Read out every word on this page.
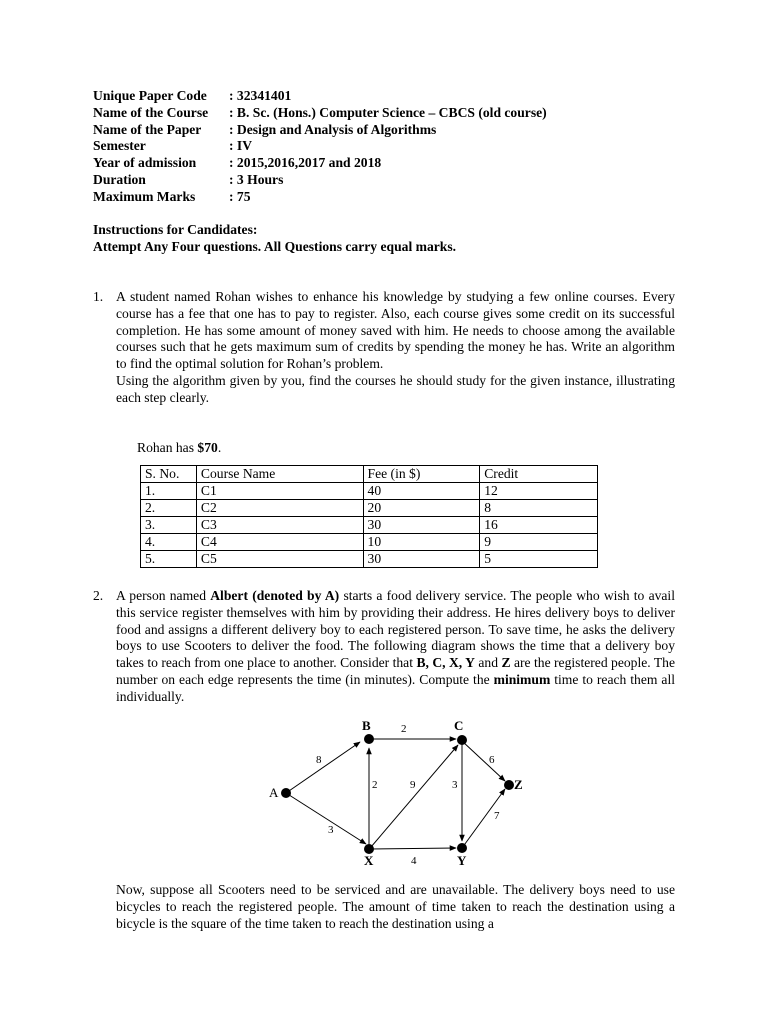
Unique Paper Code	: 32341401
Name of the Course	: B. Sc. (Hons.) Computer Science – CBCS (old course)
Name of the Paper	: Design and Analysis of Algorithms
Semester	: IV
Year of admission	: 2015,2016,2017 and 2018
Duration	: 3 Hours
Maximum Marks	: 75
Instructions for Candidates:
Attempt Any Four questions. All Questions carry equal marks.
1. A student named Rohan wishes to enhance his knowledge by studying a few online courses. Every course has a fee that one has to pay to register. Also, each course gives some credit on its successful completion. He has some amount of money saved with him. He needs to choose among the available courses such that he gets maximum sum of credits by spending the money he has. Write an algorithm to find the optimal solution for Rohan’s problem.

Using the algorithm given by you, find the courses he should study for the given instance, illustrating each step clearly.

Rohan has $70.
S. No.	Course Name	Fee (in $)	Credit
1.	C1	40	12
2.	C2	20	8
3.	C3	30	16
4.	C4	10	9
5.	C5	30	5
2. A person named Albert (denoted by A) starts a food delivery service. The people who wish to avail this service register themselves with him by providing their address. He hires delivery boys to deliver food and assigns a different delivery boy to each registered person. To save time, he asks the delivery boys to use Scooters to deliver the food. The following diagram shows the time that a delivery boy takes to reach from one place to another. Consider that B, C, X, Y and Z are the registered people. The number on each edge represents the time (in minutes). Compute the minimum time to reach them all individually.

A
B	C
X	Y
Z
8
3
2
2
9	3
6
4
7
Now, suppose all Scooters need to be serviced and are unavailable. The delivery boys need to use bicycles to reach the registered people. The amount of time taken to reach the destination using a bicycle is the square of the time taken to reach the destination using a
